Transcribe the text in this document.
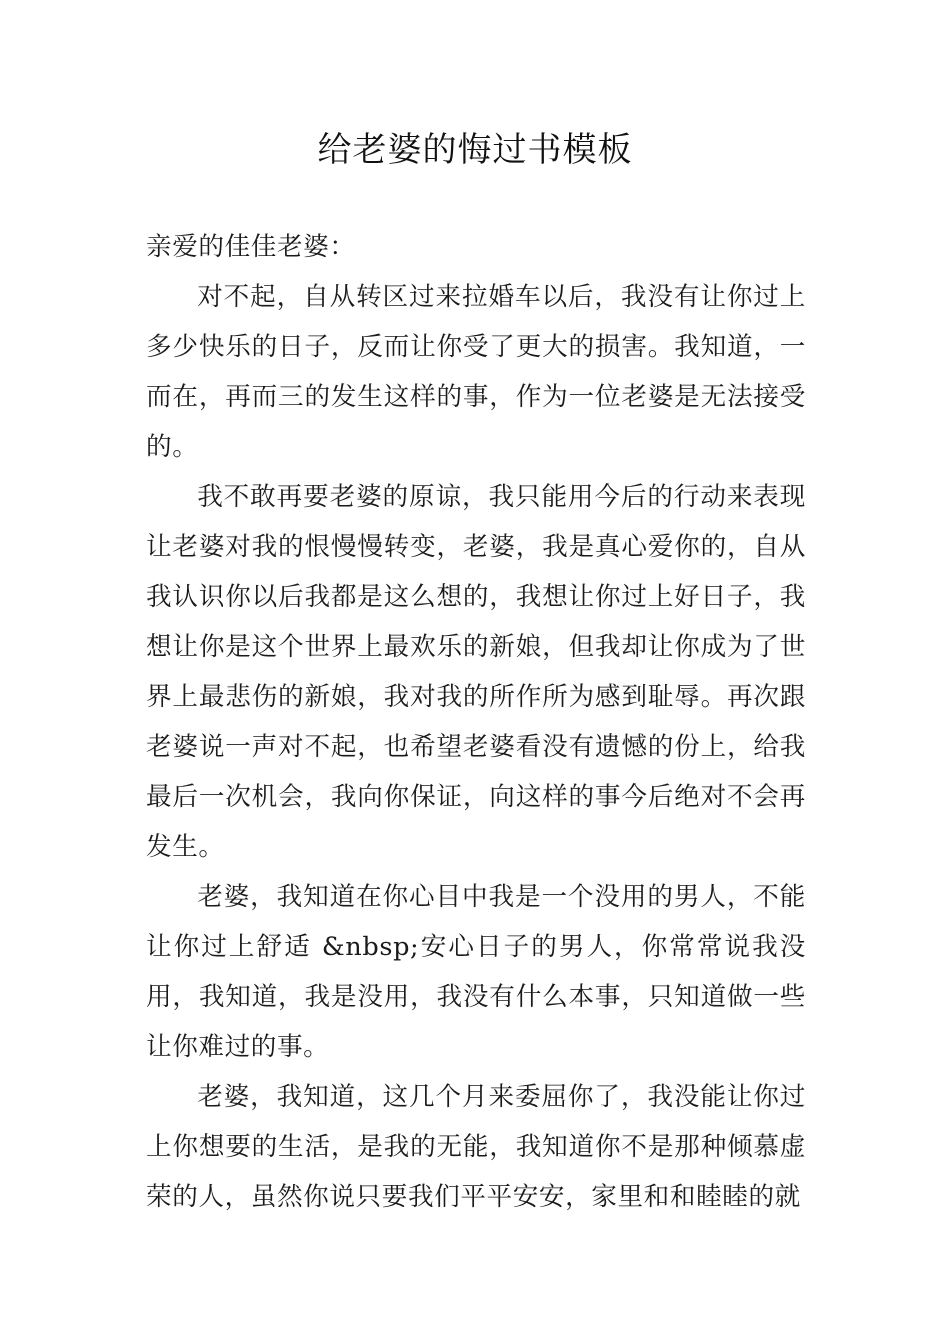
给老婆的悔过书模板

亲爱的佳佳老婆：

对不起，自从转区过来拉婚车以后，我没有让你过上多少快乐的日子，反而让你受了更大的损害。我知道，一而在，再而三的发生这样的事，作为一位老婆是无法接受的。

我不敢再要老婆的原谅，我只能用今后的行动来表现让老婆对我的恨慢慢转变，老婆，我是真心爱你的，自从我认识你以后我都是这么想的，我想让你过上好日子，我想让你是这个世界上最欢乐的新娘，但我却让你成为了世界上最悲伤的新娘，我对我的所作所为感到耻辱。再次跟老婆说一声对不起，也希望老婆看没有遗憾的份上，给我最后一次机会，我向你保证，向这样的事今后绝对不会再发生。

老婆，我知道在你心目中我是一个没用的男人，不能让你过上舒适 &nbsp;安心日子的男人，你常常说我没用，我知道，我是没用，我没有什么本事，只知道做一些让你难过的事。

老婆，我知道，这几个月来委屈你了，我没能让你过上你想要的生活，是我的无能，我知道你不是那种倾慕虚荣的人，虽然你说只要我们平平安安，家里和和睦睦的就
